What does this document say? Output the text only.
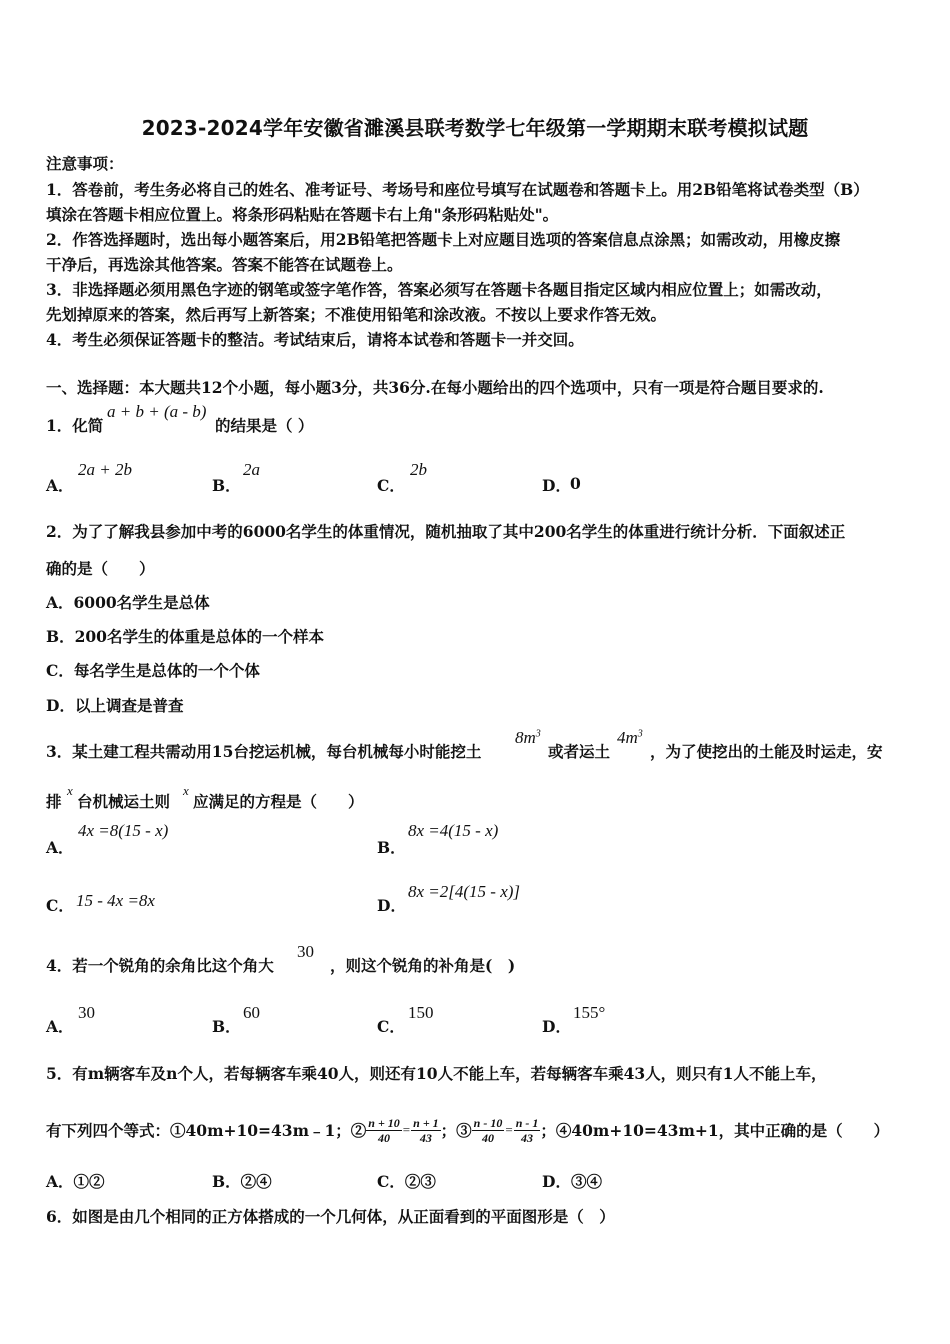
2023-2024学年安徽省濉溪县联考数学七年级第一学期期末联考模拟试题
注意事项：
1．答卷前，考生务必将自己的姓名、准考证号、考场号和座位号填写在试题卷和答题卡上。用2B铅笔将试卷类型（B）
填涂在答题卡相应位置上。将条形码粘贴在答题卡右上角"条形码粘贴处"。
2．作答选择题时，选出每小题答案后，用2B铅笔把答题卡上对应题目选项的答案信息点涂黑；如需改动，用橡皮擦
干净后，再选涂其他答案。答案不能答在试题卷上。
3．非选择题必须用黑色字迹的钢笔或签字笔作答，答案必须写在答题卡各题目指定区域内相应位置上；如需改动，
先划掉原来的答案，然后再写上新答案；不准使用铅笔和涂改液。不按以上要求作答无效。
4．考生必须保证答题卡的整洁。考试结束后，请将本试卷和答题卡一并交回。
一、选择题：本大题共12个小题，每小题3分，共36分.在每小题给出的四个选项中，只有一项是符合题目要求的.
1．化简
a + b + (a - b)
的结果是（ ）
A．
2a + 2b
B．
2a
C．
2b
D． 0
2．为了了解我县参加中考的6000名学生的体重情况，随机抽取了其中200名学生的体重进行统计分析．下面叙述正
确的是（　　）
A．6000名学生是总体
B．200名学生的体重是总体的一个样本
C．每名学生是总体的一个个体
D．以上调查是普查
3．某土建工程共需动用15台挖运机械，每台机械每小时能挖土
$8m^3$
或者运土
$4m^3$
，为了使挖出的土能及时运走，安
排
x
台机械运土则
x
应满足的方程是（　　）
A．
4x =8(15 - x)
B．
8x =4(15 - x)
C． 15 - 4x =8x	D．
8x =2[4(15 - x)]
4．若一个锐角的余角比这个角大
30
，则这个锐角的补角是(　)
A．
30
B．
60
C．
150
D．
155°
5．有m辆客车及n个人，若每辆客车乘40人，则还有10人不能上车，若每辆客车乘43人，则只有1人不能上车，
有下列四个等式：①40m+10=43m﹣1；② $\frac{n + 10}{40} = \frac{n + 1}{43}$ ；③ $\frac{n - 10}{40} = \frac{n - 1}{43}$ ；④40m+10=43m+1，其中正确的是（　　）
A．①②	B．②④	C．②③	D．③④
6．如图是由几个相同的正方体搭成的一个几何体，从正面看到的平面图形是（　）
